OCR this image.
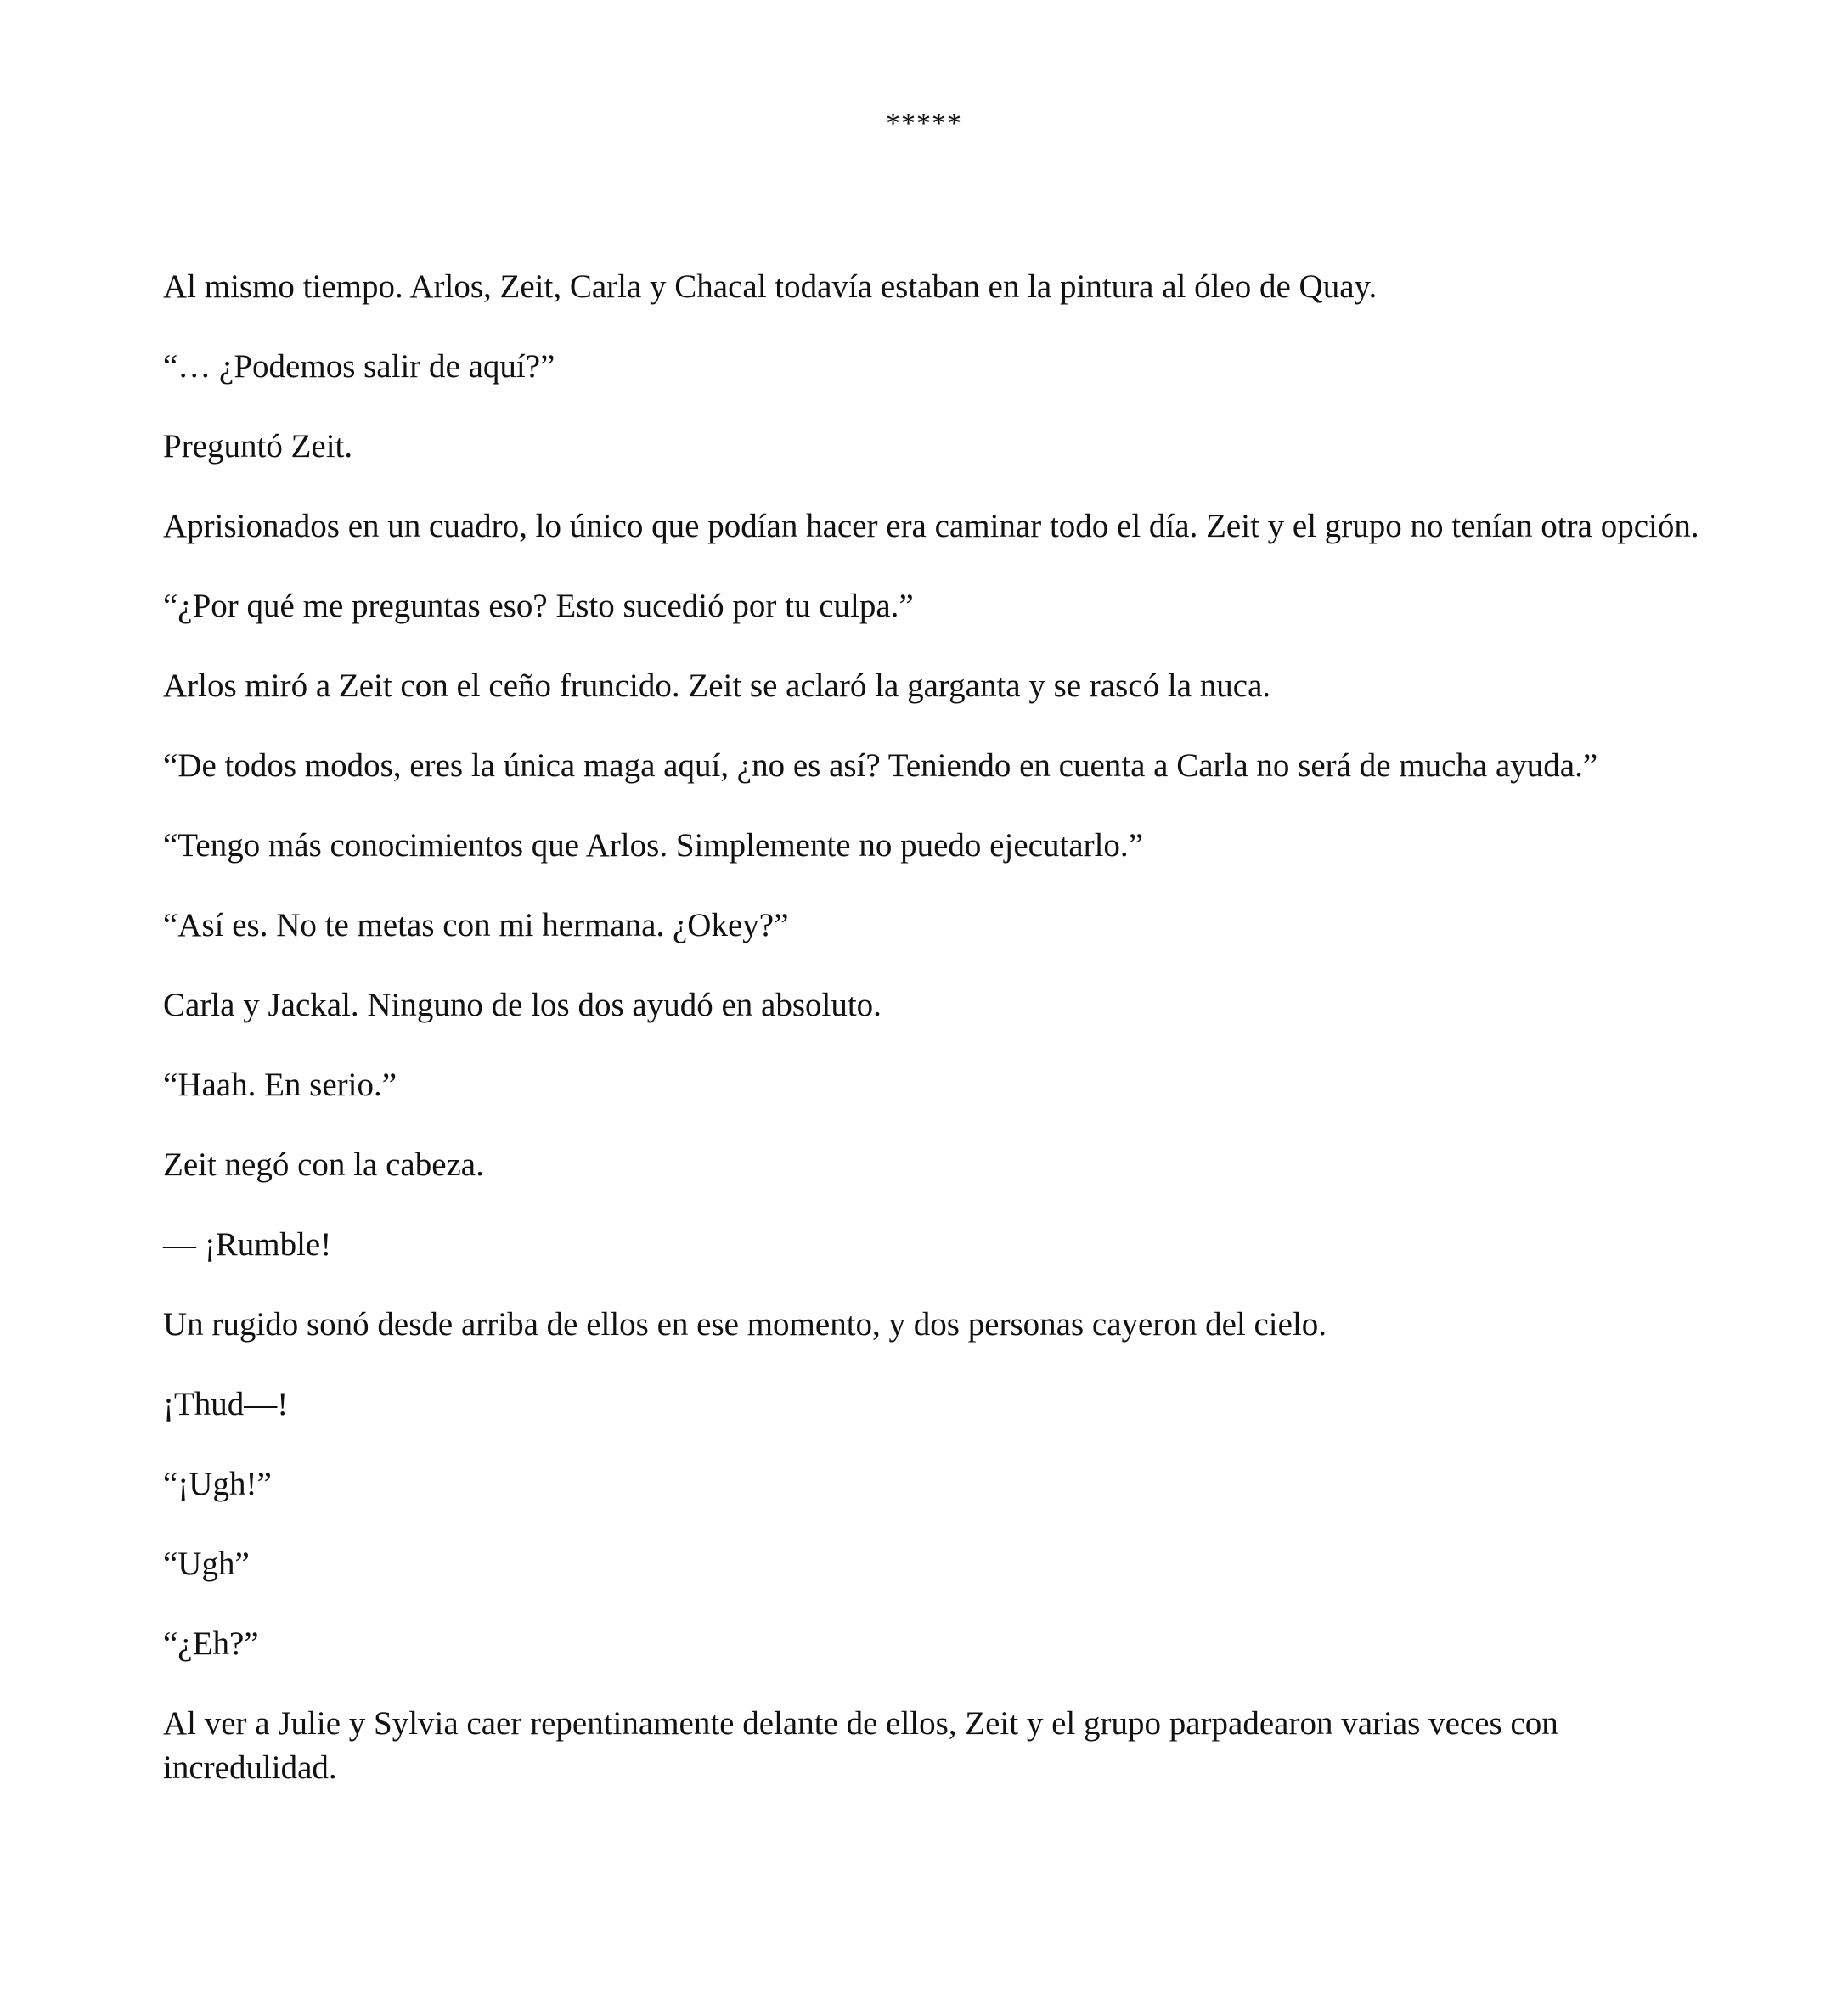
*****

Al mismo tiempo. Arlos, Zeit, Carla y Chacal todavía estaban en la pintura al óleo de Quay.

“… ¿Podemos salir de aquí?”

Preguntó Zeit.

Aprisionados en un cuadro, lo único que podían hacer era caminar todo el día. Zeit y el grupo no tenían otra opción.

“¿Por qué me preguntas eso? Esto sucedió por tu culpa.”

Arlos miró a Zeit con el ceño fruncido. Zeit se aclaró la garganta y se rascó la nuca.

“De todos modos, eres la única maga aquí, ¿no es así? Teniendo en cuenta a Carla no será de mucha ayuda.”

“Tengo más conocimientos que Arlos. Simplemente no puedo ejecutarlo.”

“Así es. No te metas con mi hermana. ¿Okey?”

Carla y Jackal. Ninguno de los dos ayudó en absoluto.

“Haah. En serio.”

Zeit negó con la cabeza.

— ¡Rumble!

Un rugido sonó desde arriba de ellos en ese momento, y dos personas cayeron del cielo.

¡Thud—!

“¡Ugh!”

“Ugh”

“¿Eh?”

Al ver a Julie y Sylvia caer repentinamente delante de ellos, Zeit y el grupo parpadearon varias veces con incredulidad.
